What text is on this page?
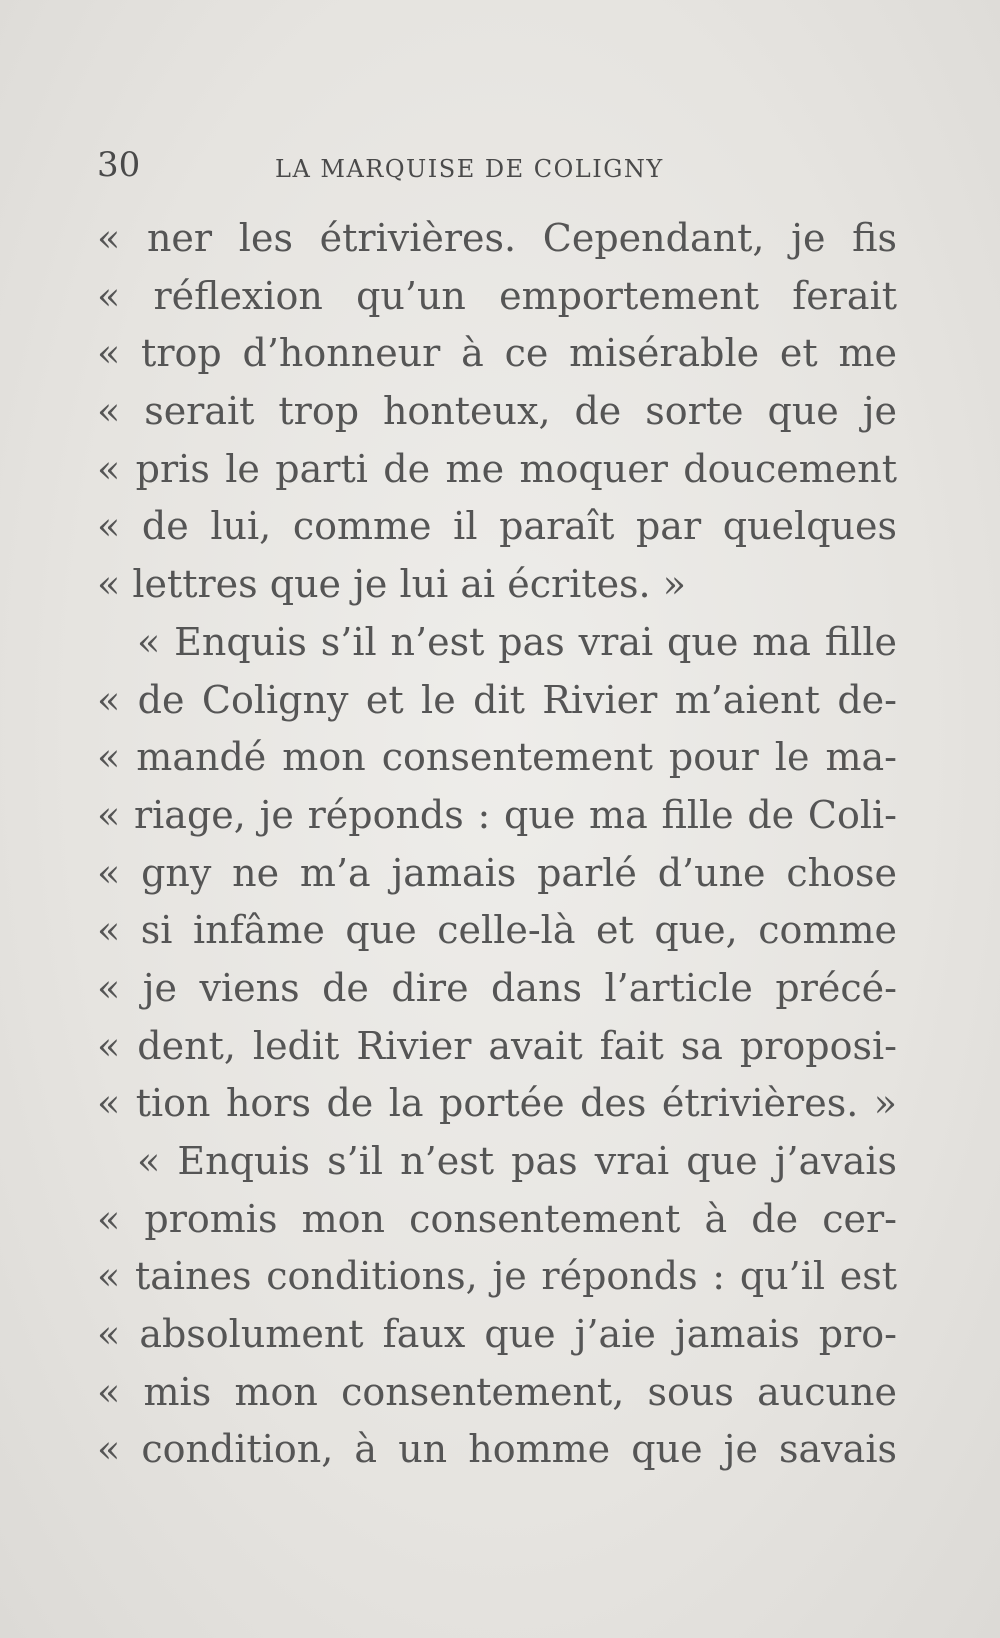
30	LA MARQUISE DE COLIGNY
« ner les étrivières. Cependant, je fis
« réflexion qu’un emportement ferait
« trop d’honneur à ce misérable et me
« serait trop honteux, de sorte que je
« pris le parti de me moquer doucement
« de lui, comme il paraît par quelques
« lettres que je lui ai écrites. »
« Enquis s’il n’est pas vrai que ma fille
« de Coligny et le dit Rivier m’aient de-
« mandé mon consentement pour le ma-
« riage, je réponds : que ma fille de Coli-
« gny ne m’a jamais parlé d’une chose
« si infâme que celle-là et que, comme
« je viens de dire dans l’article précé-
« dent, ledit Rivier avait fait sa proposi-
« tion hors de la portée des étrivières. »
« Enquis s’il n’est pas vrai que j’avais
« promis mon consentement à de cer-
« taines conditions, je réponds : qu’il est
« absolument faux que j’aie jamais pro-
« mis mon consentement, sous aucune
« condition, à un homme que je savais
